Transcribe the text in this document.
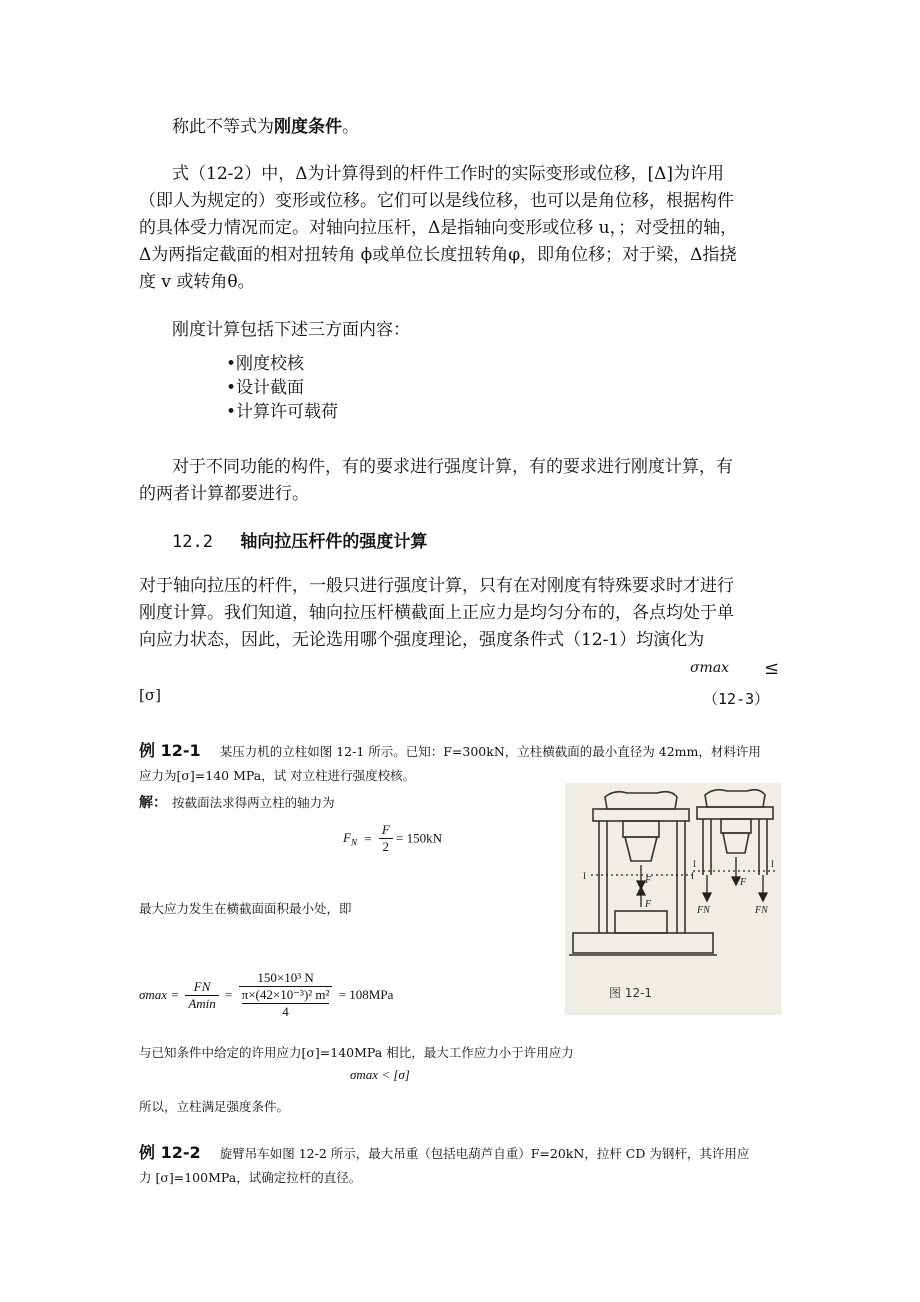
称此不等式为刚度条件。
式（12-2）中，Δ为计算得到的杆件工作时的实际变形或位移，[Δ]为许用
（即人为规定的）变形或位移。它们可以是线位移，也可以是角位移，根据构件
的具体受力情况而定。对轴向拉压杆，Δ是指轴向变形或位移 u，；对受扭的轴，
Δ为两指定截面的相对扭转角 ϕ或单位长度扭转角φ，即角位移；对于梁，Δ指挠
度 v 或转角θ。
刚度计算包括下述三方面内容：
•刚度校核
•设计截面
•计算许可载荷
对于不同功能的构件，有的要求进行强度计算，有的要求进行刚度计算，有
的两者计算都要进行。
12.2 轴向拉压杆件的强度计算
对于轴向拉压的杆件，一般只进行强度计算，只有在对刚度有特殊要求时才进行
刚度计算。我们知道，轴向拉压杆横截面上正应力是均匀分布的，各点均处于单
向应力状态，因此，无论选用哪个强度理论，强度条件式（12-1）均演化为
σmax ≤
[σ]	（12-3）
例 12-1 某压力机的立柱如图 12-1 所示。已知：F=300kN，立柱横截面的最小直径为 42mm，材料许用
应力为[σ]=140 MPa，试 对立柱进行强度校核。
解： 按截面法求得两立柱的轴力为
$F_N = \frac{F}{2} = 150kN$
最大应力发生在横截面面积最小处，即
$\sigma\max = \frac{FN}{Amin} = 150\times 10^3$ N
π×(42×10⁻³)² m²
4 = 108MPa
与已知条件中给定的许用应力[σ]=140MPa 相比，最大工作应力小于许用应力
σmax < [σ]
所以，立柱满足强度条件。
F
F
I	I
F
FN	FN
I	I
图 12-1
例 12-2 旋臂吊车如图 12-2 所示，最大吊重（包括电葫芦自重）F=20kN，拉杆 CD 为钢杆，其许用应
力 [σ]=100MPa，试确定拉杆的直径。
